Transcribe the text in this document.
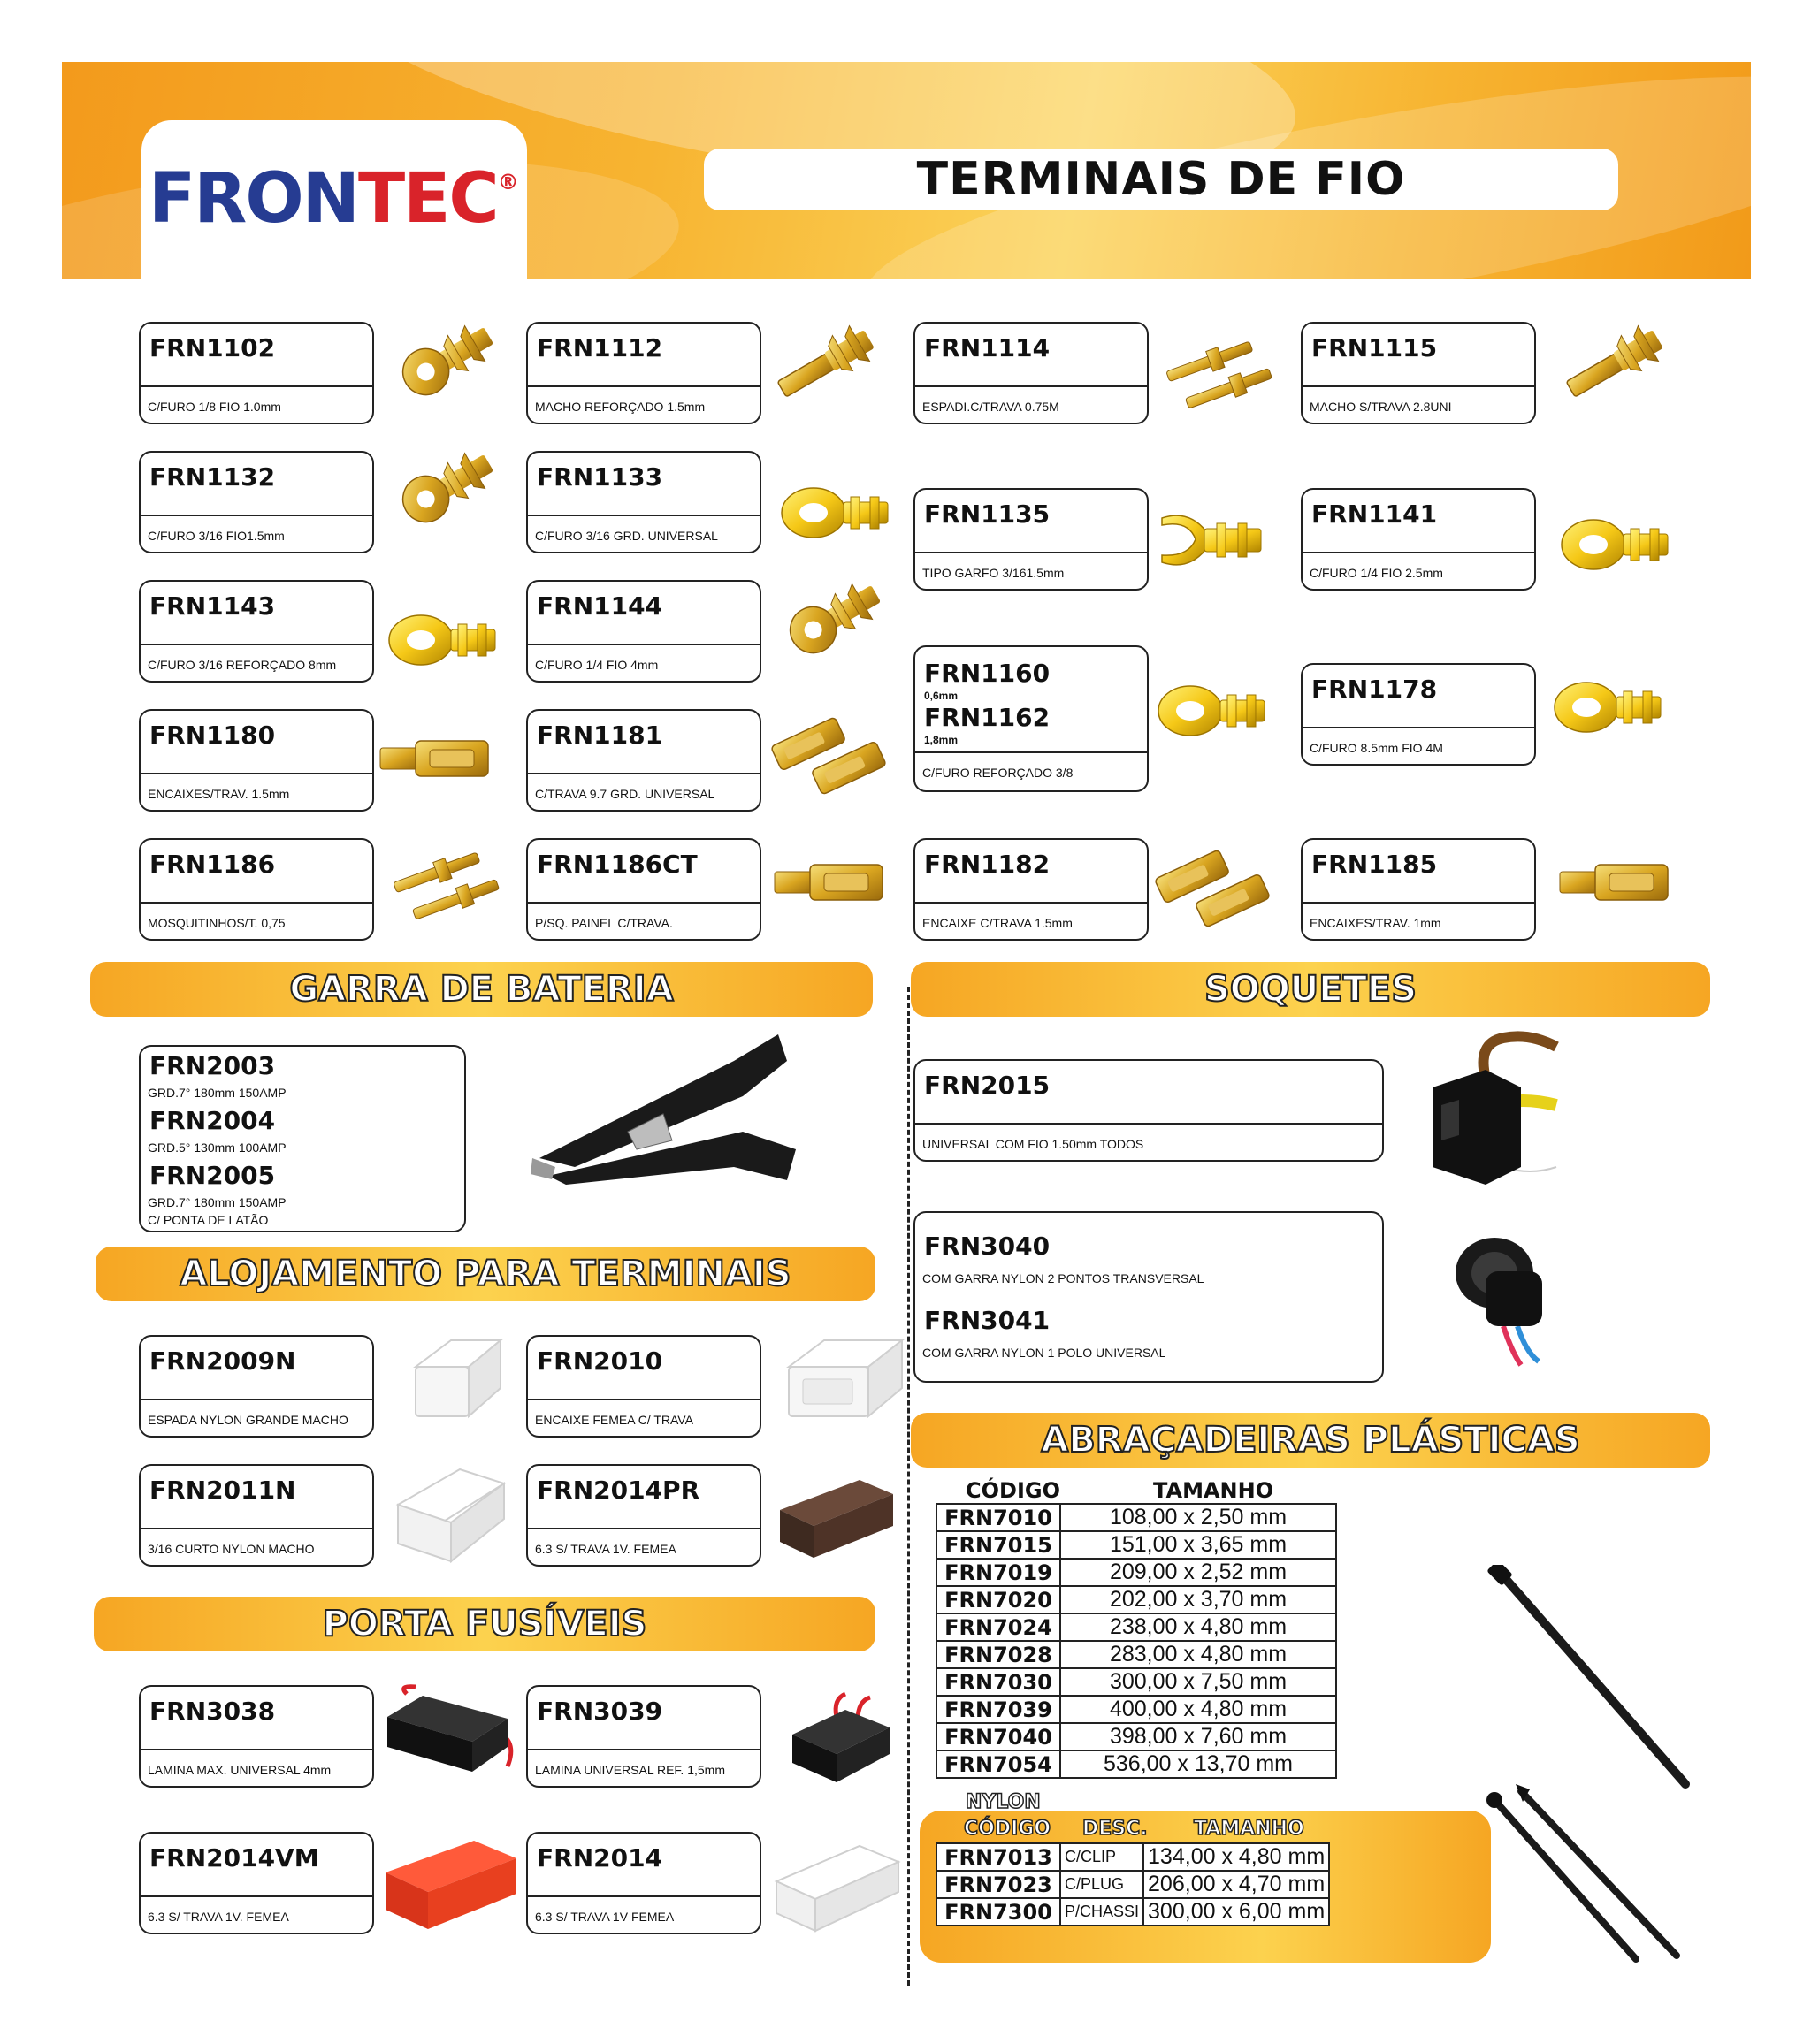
FRONTEC®	TERMINAIS DE FIO
FRN1102
C/FURO 1/8 FIO 1.0mm
FRN1112
MACHO REFORÇADO 1.5mm
FRN1114
ESPADI.C/TRAVA 0.75M
FRN1115
MACHO S/TRAVA 2.8UNI
FRN1132
C/FURO 3/16 FIO1.5mm
FRN1133
C/FURO 3/16 GRD. UNIVERSAL
FRN1135
TIPO GARFO 3/161.5mm
FRN1141
C/FURO 1/4 FIO 2.5mm
FRN1143
C/FURO 3/16 REFORÇADO 8mm
FRN1144
C/FURO 1/4 FIO 4mm	FRN1160
0,6mm
FRN1162
1,8mm
C/FURO REFORÇADO 3/8
FRN1178
C/FURO 8.5mm FIO 4M
FRN1180
ENCAIXES/TRAV. 1.5mm
FRN1181
C/TRAVA 9.7 GRD. UNIVERSAL
FRN1186
MOSQUITINHOS/T. 0,75
FRN1186CT
P/SQ. PAINEL C/TRAVA.
FRN1182
ENCAIXE C/TRAVA 1.5mm
FRN1185
ENCAIXES/TRAV. 1mm
GARRA DE BATERIA	SOQUETES
FRN2003
GRD.7° 180mm 150AMP
FRN2004
GRD.5° 130mm 100AMP
FRN2005
GRD.7° 180mm 150AMP
C/ PONTA DE LATÃO
ALOJAMENTO PARA TERMINAIS
FRN2009N
ESPADA NYLON GRANDE MACHO
FRN2010
ENCAIXE FEMEA C/ TRAVA
FRN2011N
3/16 CURTO NYLON MACHO
FRN2014PR
6.3 S/ TRAVA 1V. FEMEA
PORTA FUSÍVEIS
FRN3038
LAMINA MAX. UNIVERSAL 4mm
FRN3039
LAMINA UNIVERSAL REF. 1,5mm
FRN2014VM
6.3 S/ TRAVA 1V. FEMEA
FRN2014
6.3 S/ TRAVA 1V FEMEA
FRN2015
UNIVERSAL COM FIO 1.50mm TODOS
FRN3040
COM GARRA NYLON 2 PONTOS TRANSVERSAL
FRN3041
COM GARRA NYLON 1 POLO UNIVERSAL
ABRAÇADEIRAS PLÁSTICAS
CÓDIGO	TAMANHO
FRN7010	108,00 x 2,50 mm
FRN7015	151,00 x 3,65 mm
FRN7019	209,00 x 2,52 mm
FRN7020	202,00 x 3,70 mm
FRN7024	238,00 x 4,80 mm
FRN7028	283,00 x 4,80 mm
FRN7030	300,00 x 7,50 mm
FRN7039	400,00 x 4,80 mm
FRN7040	398,00 x 7,60 mm
FRN7054	536,00 x 13,70 mm
NYLON
CÓDIGO DESC. TAMANHO
FRN7013	C/CLIP	134,00 x 4,80 mm
FRN7023	C/PLUG	206,00 x 4,70 mm
FRN7300	P/CHASSI	300,00 x 6,00 mm
